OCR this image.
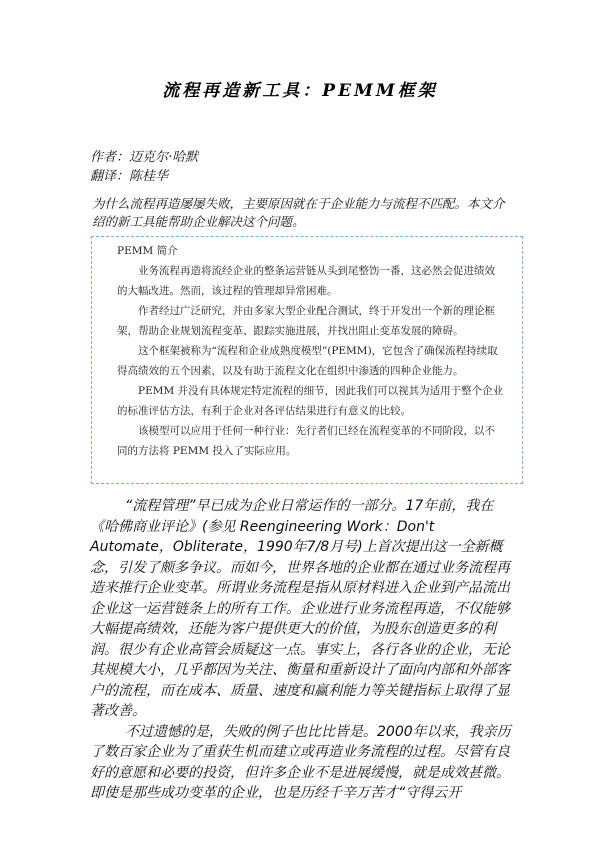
流程再造新工具：PEMM框架
作者：迈克尔·哈默
翻译：陈桂华
为什么流程再造屡屡失败，主要原因就在于企业能力与流程不匹配。本文介绍的新工具能帮助企业解决这个问题。

PEMM 简介

业务流程再造将流经企业的整条运营链从头到尾整饬一番，这必然会促进绩效的大幅改进。然而，该过程的管理却异常困难。

作者经过广泛研究，并由多家大型企业配合测试，终于开发出一个新的理论框架，帮助企业规划流程变革、跟踪实施进展，并找出阻止变革发展的障碍。

这个框架被称为“流程和企业成熟度模型”(PEMM)，它包含了确保流程持续取得高绩效的五个因素，以及有助于流程文化在组织中渗透的四种企业能力。

PEMM 并没有具体规定特定流程的细节，因此我们可以视其为适用于整个企业的标准评估方法，有利于企业对各评估结果进行有意义的比较。

该模型可以应用于任何一种行业：先行者们已经在流程变革的不同阶段，以不同的方法将 PEMM 投入了实际应用。

“流程管理”早已成为企业日常运作的一部分。17年前，我在《哈佛商业评论》(参见 Reengineering Work：Don't Automate，Obliterate，1990年7/8月号)上首次提出这一全新概念，引发了颇多争议。而如今，世界各地的企业都在通过业务流程再造来推行企业变革。所谓业务流程是指从原材料进入企业到产品流出企业这一运营链条上的所有工作。企业进行业务流程再造，不仅能够大幅提高绩效，还能为客户提供更大的价值，为股东创造更多的利润。很少有企业高管会质疑这一点。事实上，各行各业的企业，无论其规模大小，几乎都因为关注、衡量和重新设计了面向内部和外部客户的流程，而在成本、质量、速度和赢利能力等关键指标上取得了显著改善。

不过遗憾的是，失败的例子也比比皆是。2000年以来，我亲历了数百家企业为了重获生机而建立或再造业务流程的过程。尽管有良好的意愿和必要的投资，但许多企业不是进展缓慢，就是成效甚微。即使是那些成功变革的企业，也是历经千辛万苦才“守得云开
